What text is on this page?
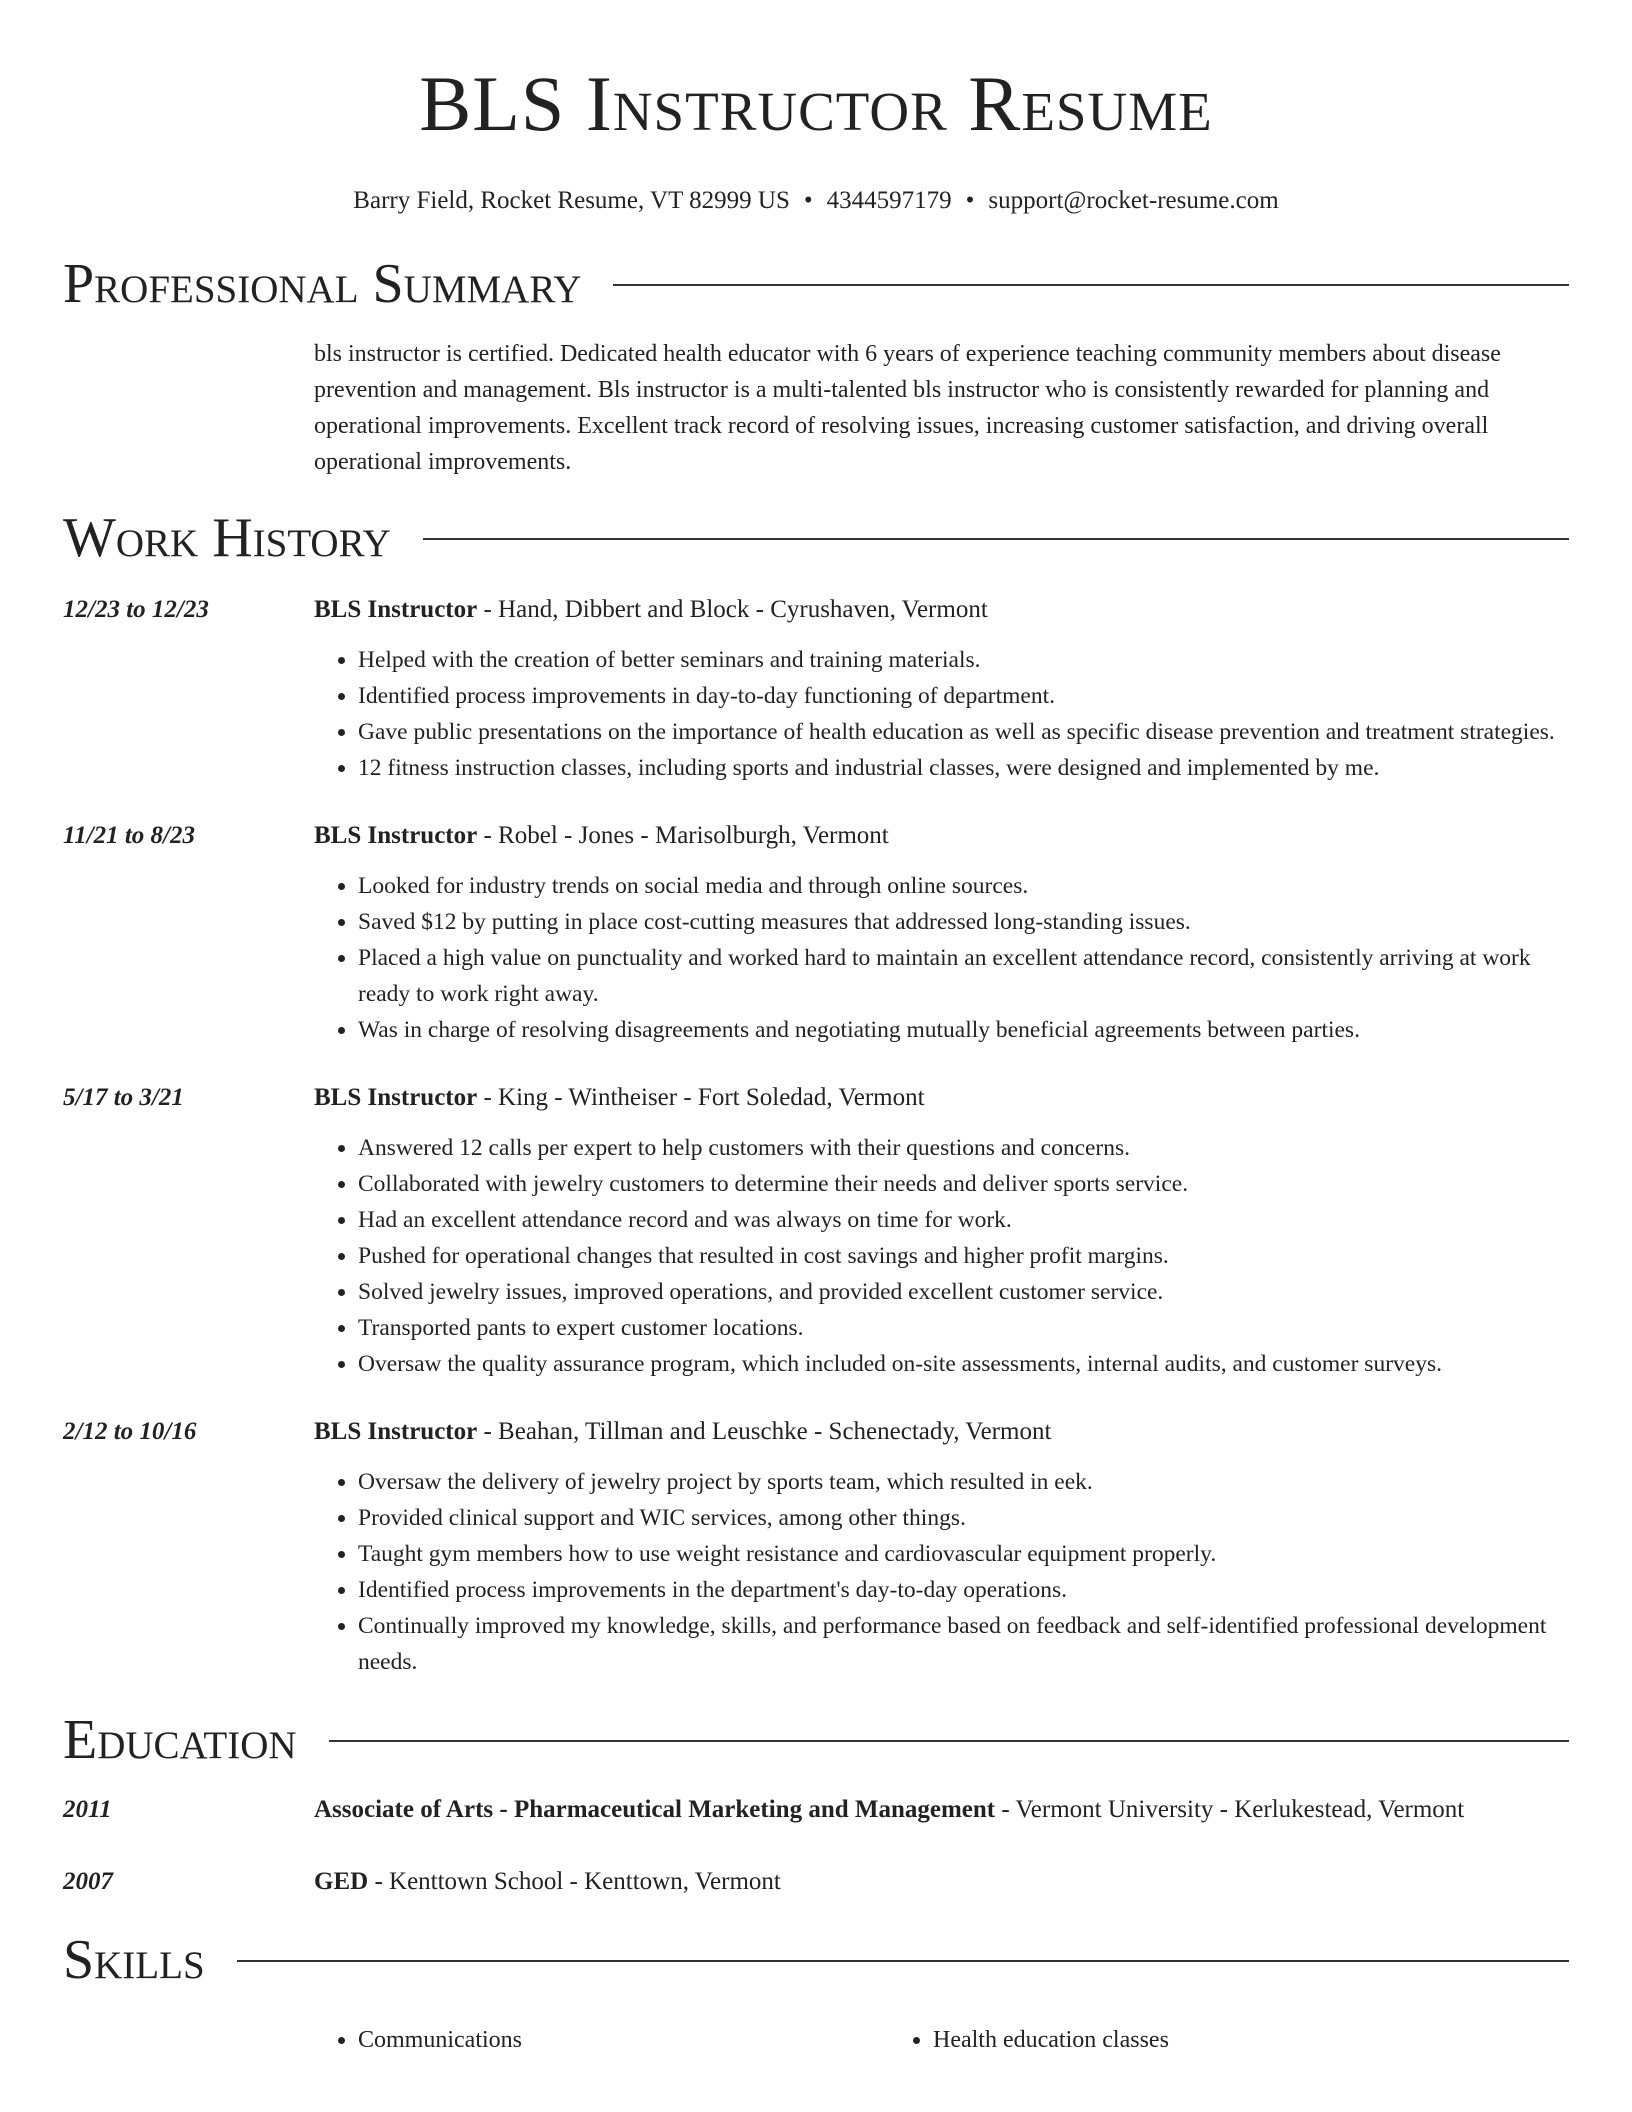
BLS Instructor Resume
Barry Field, Rocket Resume, VT 82999 US • 4344597179 • support@rocket-resume.com
Professional Summary
bls instructor is certified. Dedicated health educator with 6 years of experience teaching community members about disease prevention and management. Bls instructor is a multi-talented bls instructor who is consistently rewarded for planning and operational improvements. Excellent track record of resolving issues, increasing customer satisfaction, and driving overall operational improvements.
Work History
12/23 to 12/23	BLS Instructor - Hand, Dibbert and Block - Cyrushaven, Vermont
• Helped with the creation of better seminars and training materials.
• Identified process improvements in day-to-day functioning of department.
• Gave public presentations on the importance of health education as well as specific disease prevention and treatment strategies.
• 12 fitness instruction classes, including sports and industrial classes, were designed and implemented by me.
11/21 to 8/23	BLS Instructor - Robel - Jones - Marisolburgh, Vermont
• Looked for industry trends on social media and through online sources.
• Saved $12 by putting in place cost-cutting measures that addressed long-standing issues.
• Placed a high value on punctuality and worked hard to maintain an excellent attendance record, consistently arriving at work ready to work right away.
• Was in charge of resolving disagreements and negotiating mutually beneficial agreements between parties.
5/17 to 3/21	BLS Instructor - King - Wintheiser - Fort Soledad, Vermont
• Answered 12 calls per expert to help customers with their questions and concerns.
• Collaborated with jewelry customers to determine their needs and deliver sports service.
• Had an excellent attendance record and was always on time for work.
• Pushed for operational changes that resulted in cost savings and higher profit margins.
• Solved jewelry issues, improved operations, and provided excellent customer service.
• Transported pants to expert customer locations.
• Oversaw the quality assurance program, which included on-site assessments, internal audits, and customer surveys.
2/12 to 10/16	BLS Instructor - Beahan, Tillman and Leuschke - Schenectady, Vermont
• Oversaw the delivery of jewelry project by sports team, which resulted in eek.
• Provided clinical support and WIC services, among other things.
• Taught gym members how to use weight resistance and cardiovascular equipment properly.
• Identified process improvements in the department's day-to-day operations.
• Continually improved my knowledge, skills, and performance based on feedback and self-identified professional development needs.
Education
2011	Associate of Arts - Pharmaceutical Marketing and Management - Vermont University - Kerlukestead, Vermont
2007	GED - Kenttown School - Kenttown, Vermont
Skills
• Communications
•	Health education classes
